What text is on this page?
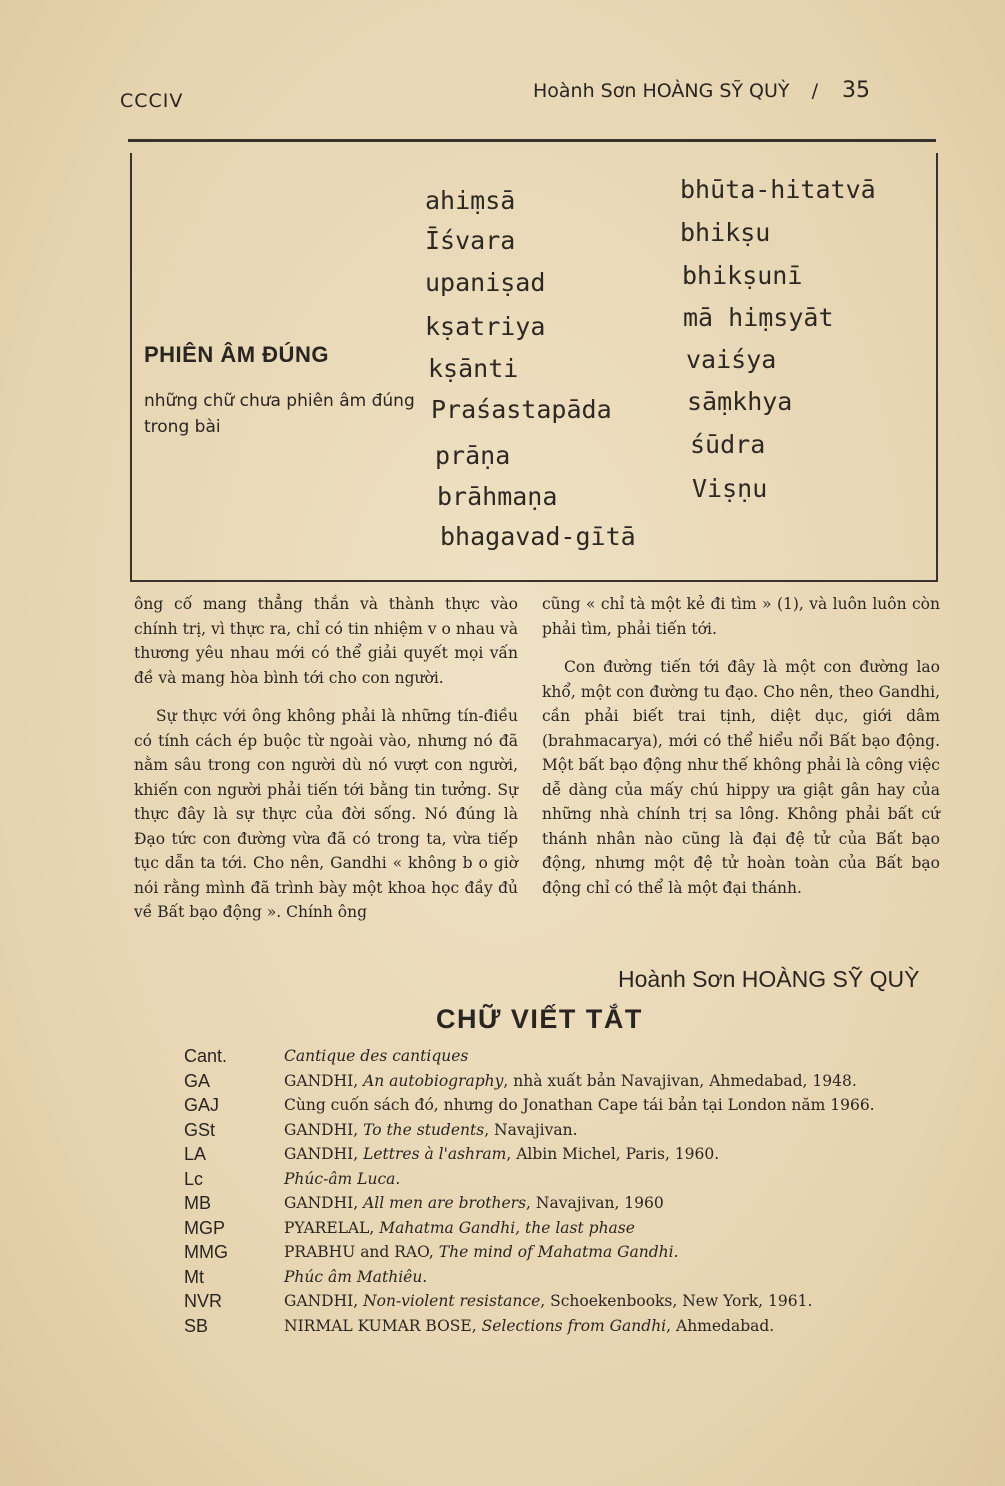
CCCIV	Hoành Sơn HOÀNG SỸ QUỲ / 35
PHIÊN ÂM ĐÚNG
những chữ chưa phiên âm đúng trong bài
ahiṃsā
Īśvara
upaniṣad
kṣatriya
kṣānti
Praśastapāda
prāṇa
brāhmaṇa
bhagavad-gītā
bhūta-hitatvā
bhikṣu
bhikṣunī
mā hiṃsyāt
vaiśya
sāṃkhya
śūdra
Viṣṇu

ông cố mang thẳng thắn và thành thực vào chính trị, vì thực ra, chỉ có tin nhiệm v o nhau và thương yêu nhau mới có thể giải quyết mọi vấn đề và mang hòa bình tới cho con người.

Sự thực với ông không phải là những tín-điều có tính cách ép buộc từ ngoài vào, nhưng nó đã nằm sâu trong con người dù nó vượt con người, khiến con người phải tiến tới bằng tin tưởng. Sự thực đây là sự thực của đời sống. Nó đúng là Đạo tức con đường vừa đã có trong ta, vừa tiếp tục dẫn ta tới. Cho nên, Gandhi « không b o giờ nói rằng mình đã trình bày một khoa học đầy đủ về Bất bạo động ». Chính ông

cũng « chỉ tà một kẻ đi tìm » (1), và luôn luôn còn phải tìm, phải tiến tới.

Con đường tiến tới đây là một con đường lao khổ, một con đường tu đạo. Cho nên, theo Gandhi, cần phải biết trai tịnh, diệt dục, giới dâm (brahmacarya), mới có thể hiểu nổi Bất bạo động. Một bất bạo động như thế không phải là công việc dễ dàng của mấy chú hippy ưa giật gân hay của những nhà chính trị sa lông. Không phải bất cứ thánh nhân nào cũng là đại đệ tử của Bất bạo động, nhưng một đệ tử hoàn toàn của Bất bạo động chỉ có thể là một đại thánh.

Hoành Sơn HOÀNG SỸ QUỲ
CHỮ VIẾT TẮT
Cant.	Cantique des cantiques
GA	GANDHI, An autobiography, nhà xuất bản Navajivan, Ahmedabad, 1948.
GAJ	Cùng cuốn sách đó, nhưng do Jonathan Cape tái bản tại London năm 1966.
GSt	GANDHI, To the students, Navajivan.
LA	GANDHI, Lettres à l'ashram, Albin Michel, Paris, 1960.
Lc	Phúc-âm Luca.
MB	GANDHI, All men are brothers, Navajivan, 1960
MGP	PYARELAL, Mahatma Gandhi, the last phase
MMG	PRABHU and RAO, The mind of Mahatma Gandhi.
Mt	Phúc âm Mathiêu.
NVR	GANDHI, Non-violent resistance, Schoekenbooks, New York, 1961.
SB	NIRMAL KUMAR BOSE, Selections from Gandhi, Ahmedabad.
